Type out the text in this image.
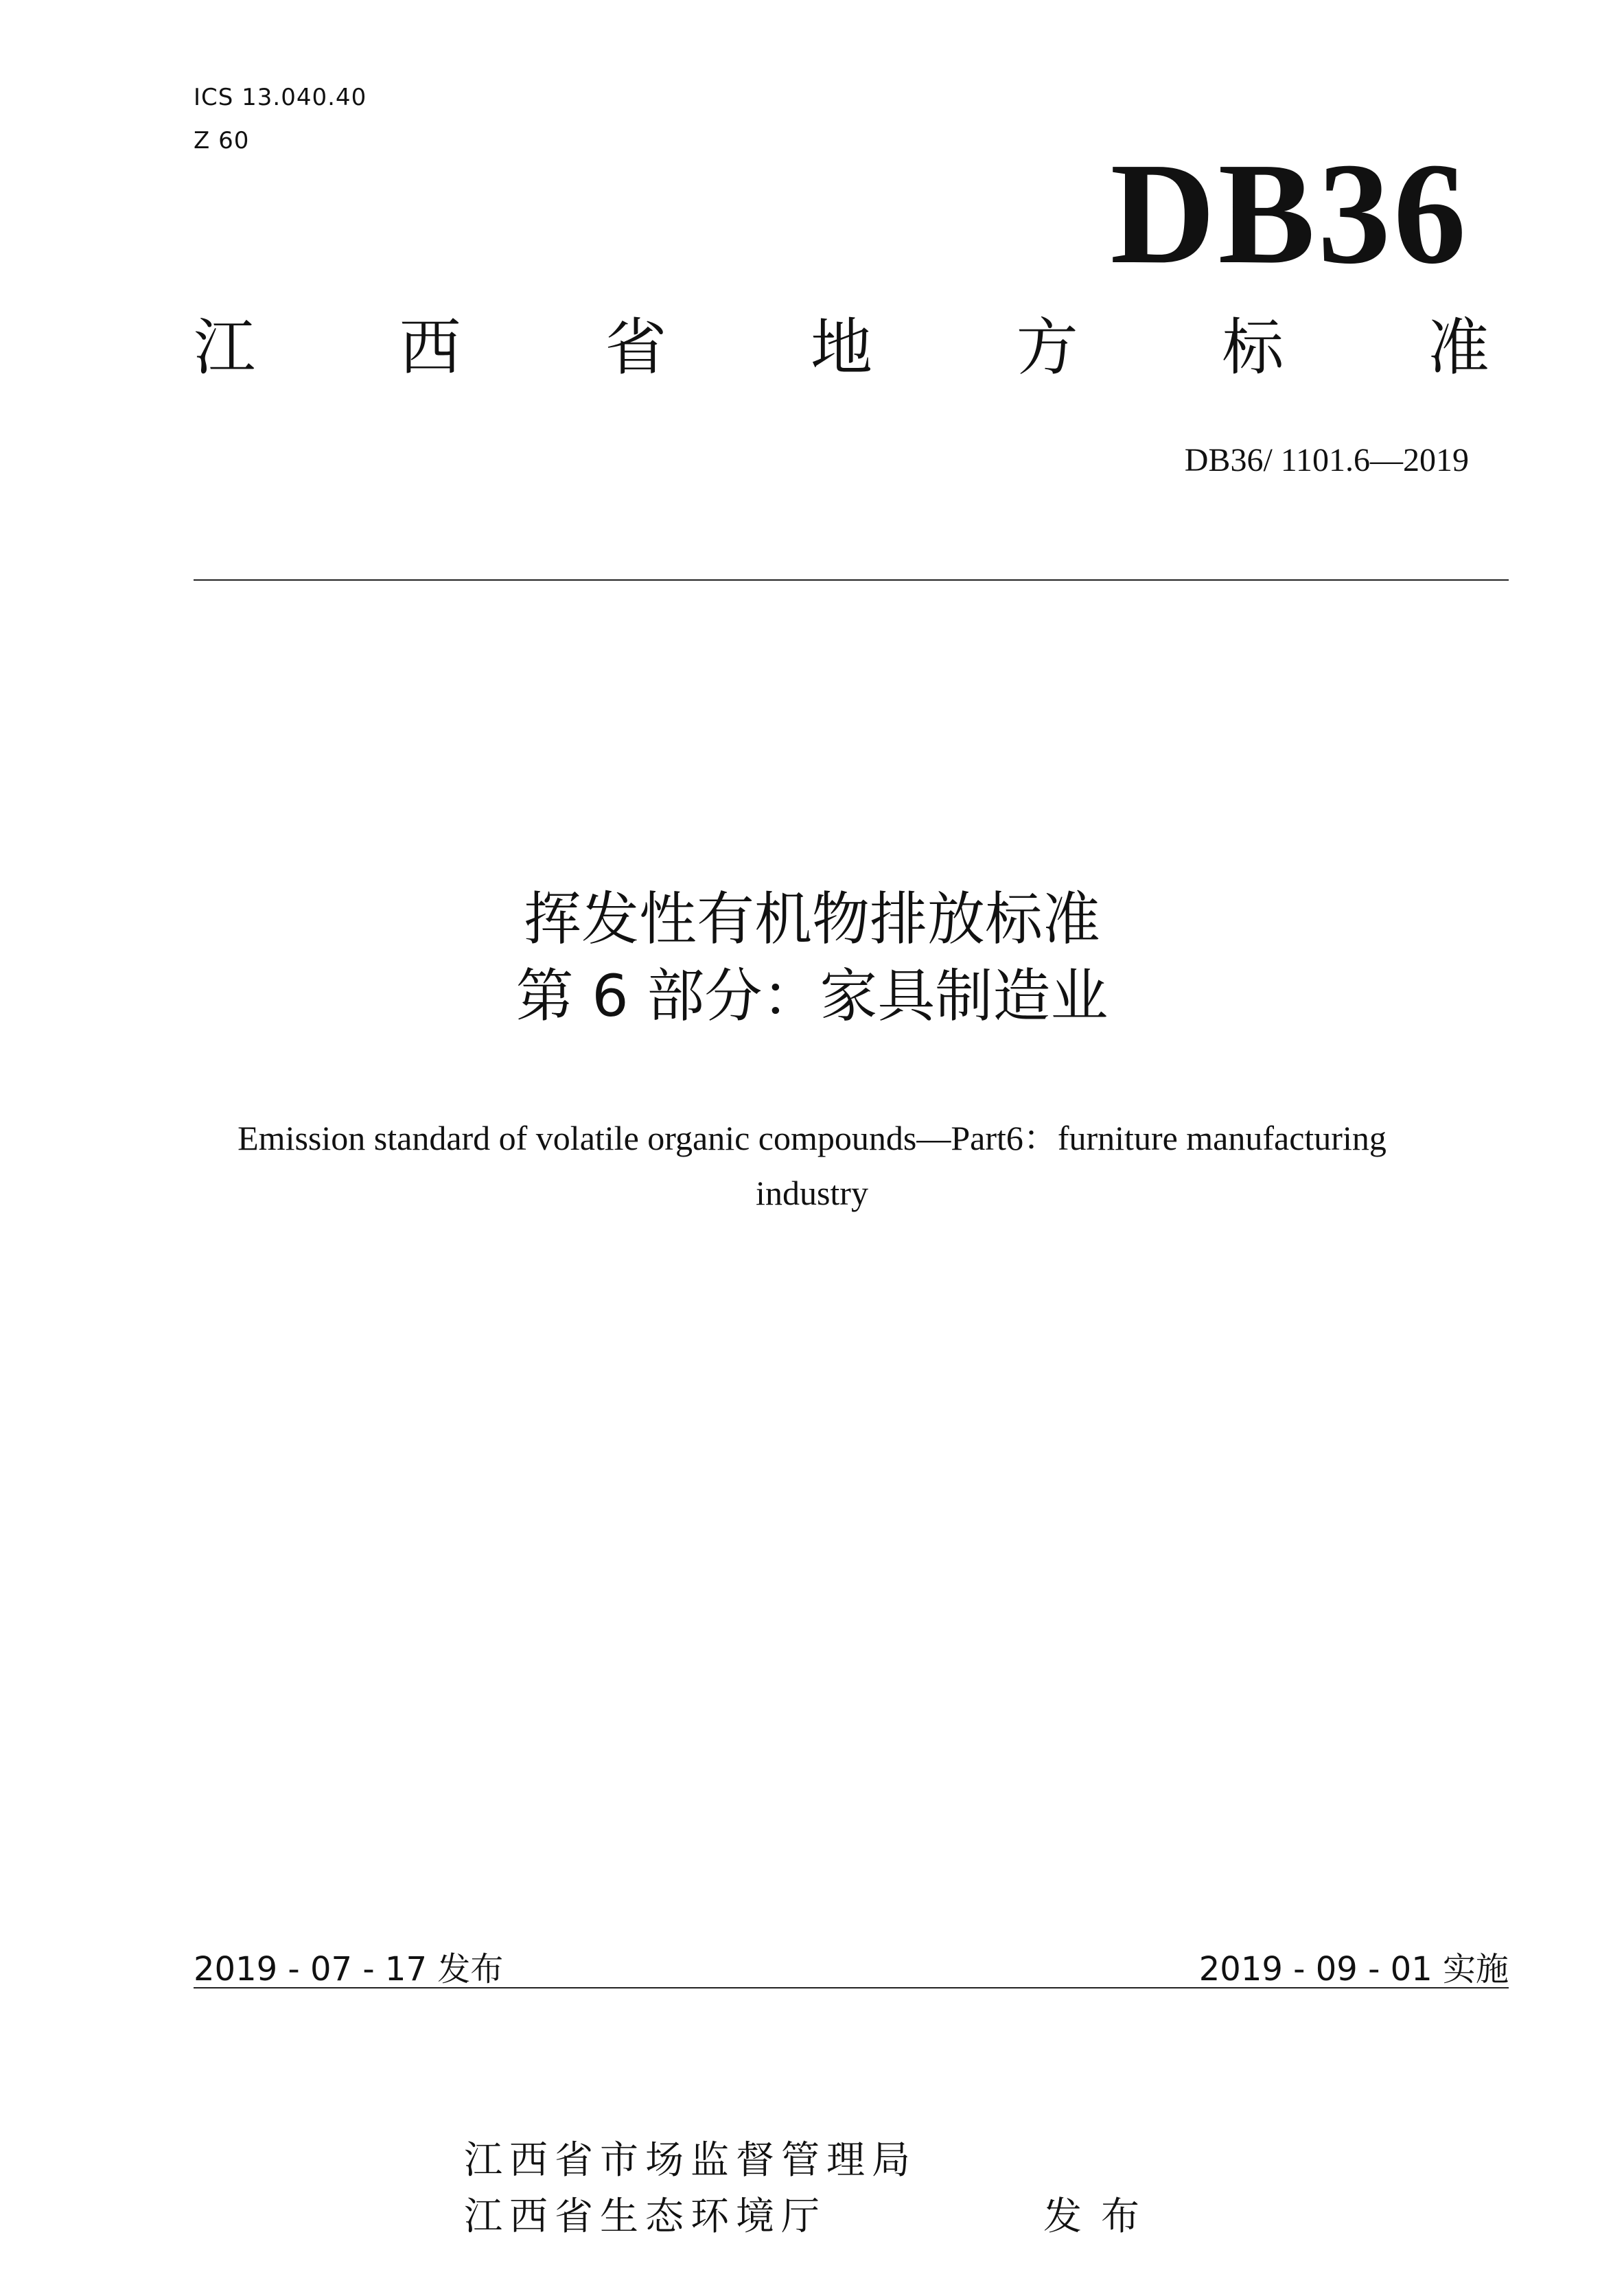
ICS 13.040.40
Z 60	DB36
江 西 省 地 方 标 准
DB36/ 1101.6—2019
挥发性有机物排放标准
第 6 部分：家具制造业
Emission standard of volatile organic compounds—Part6：furniture manufacturing
industry
2019 - 07 - 17 发布	2019 - 09 - 01 实施
江西省市场监督管理局
江西省生态环境厅	发布
